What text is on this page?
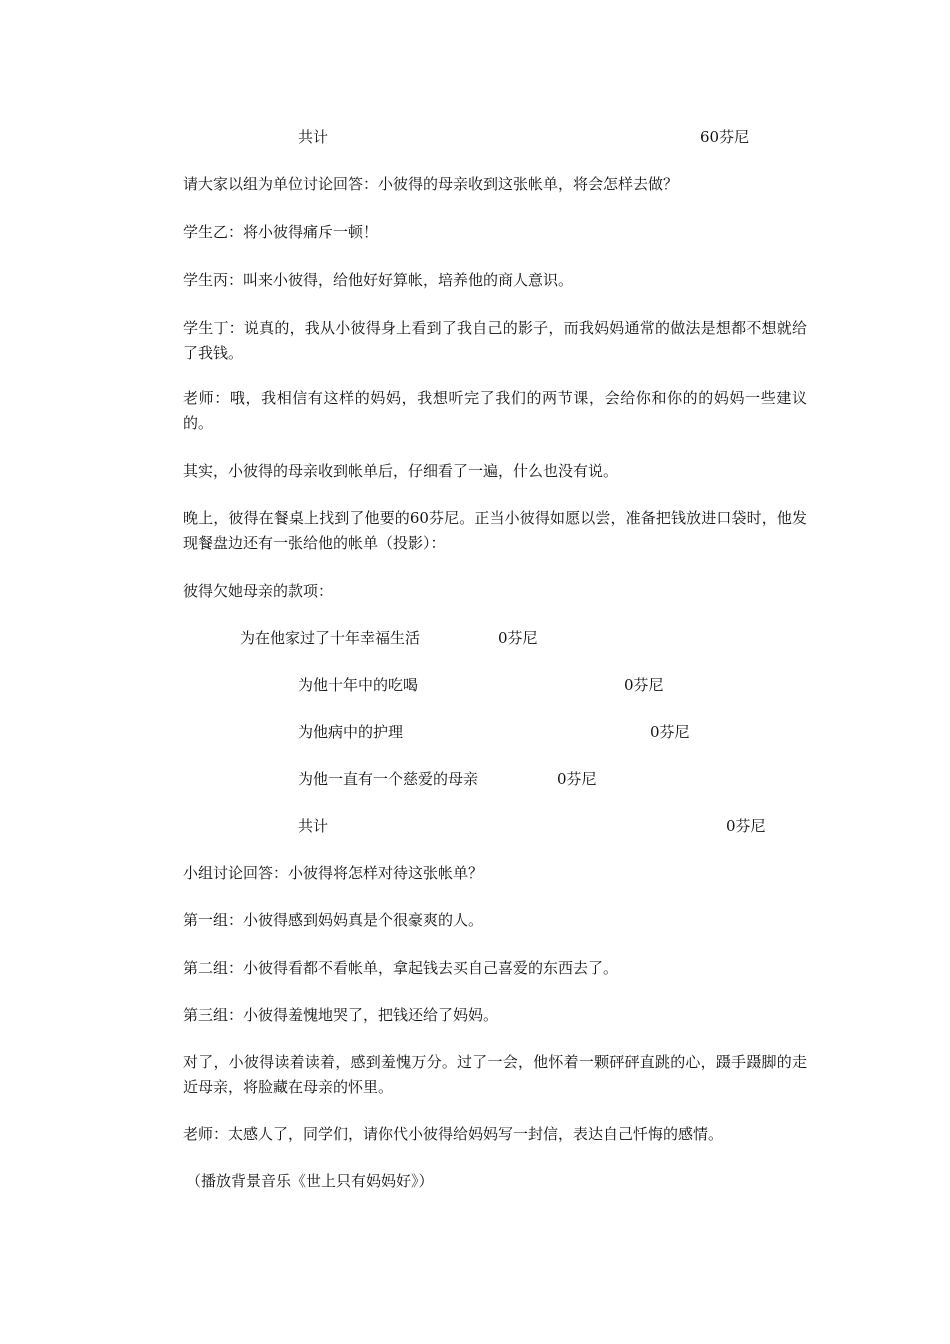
共计	60芬尼
请大家以组为单位讨论回答：小彼得的母亲收到这张帐单，将会怎样去做？
学生乙：将小彼得痛斥一顿！
学生丙：叫来小彼得，给他好好算帐，培养他的商人意识。
学生丁：说真的，我从小彼得身上看到了我自己的影子，而我妈妈通常的做法是想都不想就给了我钱。
老师：哦，我相信有这样的妈妈，我想听完了我们的两节课，会给你和你的的妈妈一些建议的。
其实，小彼得的母亲收到帐单后，仔细看了一遍，什么也没有说。
晚上，彼得在餐桌上找到了他要的60芬尼。正当小彼得如愿以尝，准备把钱放进口袋时，他发现餐盘边还有一张给他的帐单（投影）：
彼得欠她母亲的款项：
为在他家过了十年幸福生活	0芬尼
为他十年中的吃喝	0芬尼
为他病中的护理	0芬尼
为他一直有一个慈爱的母亲	0芬尼
共计	0芬尼
小组讨论回答：小彼得将怎样对待这张帐单？
第一组：小彼得感到妈妈真是个很豪爽的人。
第二组：小彼得看都不看帐单，拿起钱去买自己喜爱的东西去了。
第三组：小彼得羞愧地哭了，把钱还给了妈妈。
对了，小彼得读着读着，感到羞愧万分。过了一会，他怀着一颗砰砰直跳的心，蹑手蹑脚的走近母亲，将脸藏在母亲的怀里。
老师：太感人了，同学们，请你代小彼得给妈妈写一封信，表达自己忏悔的感情。
（播放背景音乐《世上只有妈妈好》）
